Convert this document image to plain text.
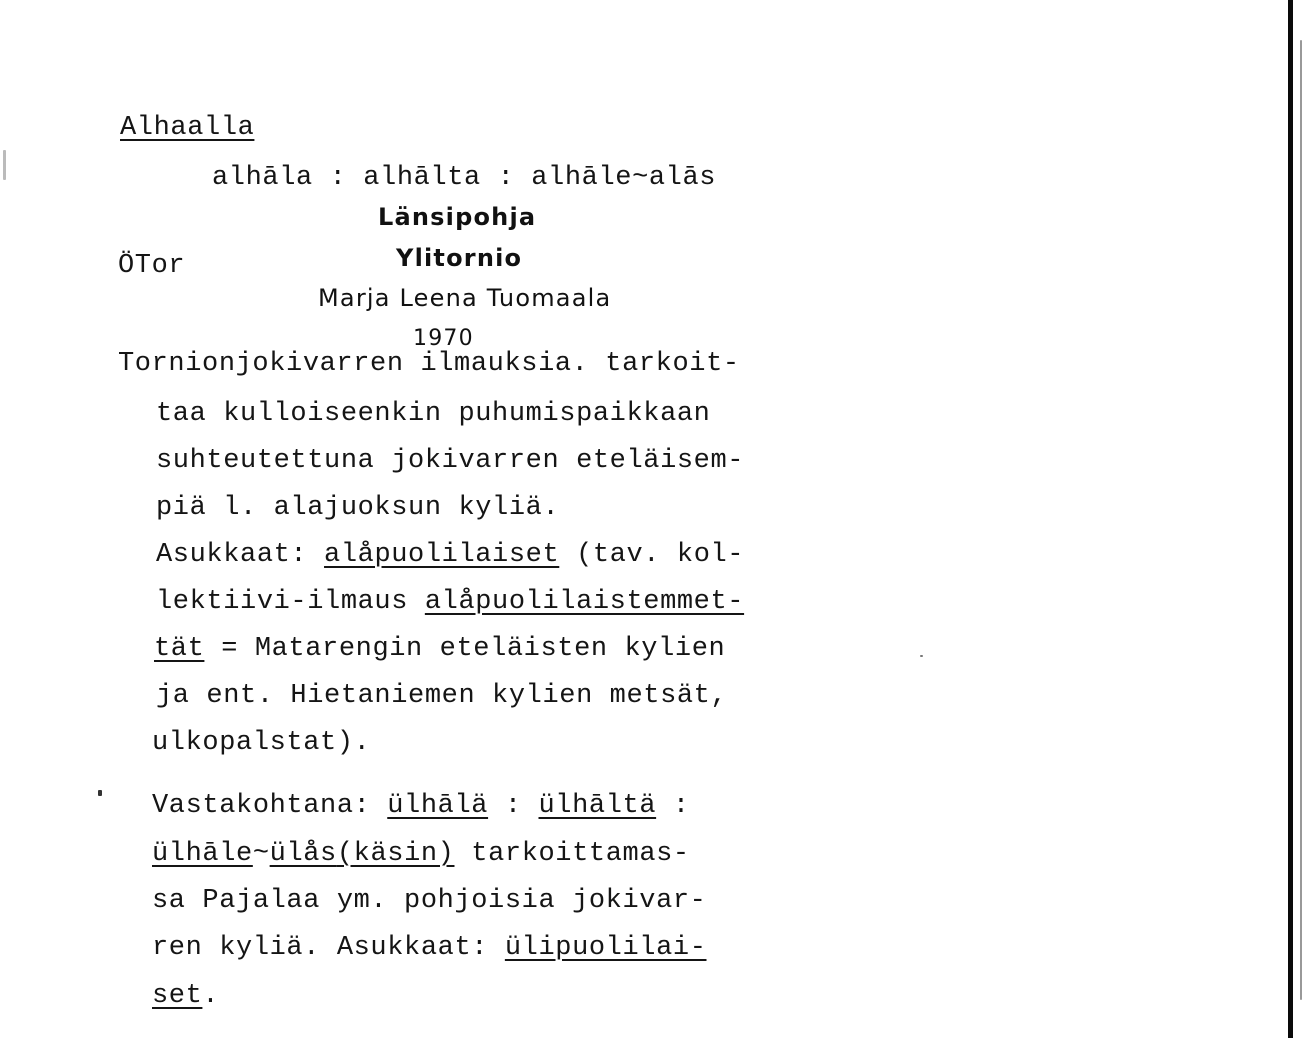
Alhaalla
alhāla : alhālta : alhāle~alās
Länsipohja
ÖTor	Ylitornio
Marja Leena Tuomaala
1970
Tornionjokivarren ilmauksia. tarkoit-
taa kulloiseenkin puhumispaikkaan
suhteutettuna jokivarren eteläisem-
piä l. alajuoksun kyliä.
Asukkaat: alåpuolilaiset (tav. kol-
lektiivi-ilmaus alåpuolilaistemmet-
tät = Matarengin eteläisten kylien
ja ent. Hietaniemen kylien metsät,
ulkopalstat).
Vastakohtana: ülhālä : ülhāltä :
ülhāle~ülås(käsin) tarkoittamas-
sa Pajalaa ym. pohjoisia jokivar-
ren kyliä. Asukkaat: ülipuolilai-
set.
